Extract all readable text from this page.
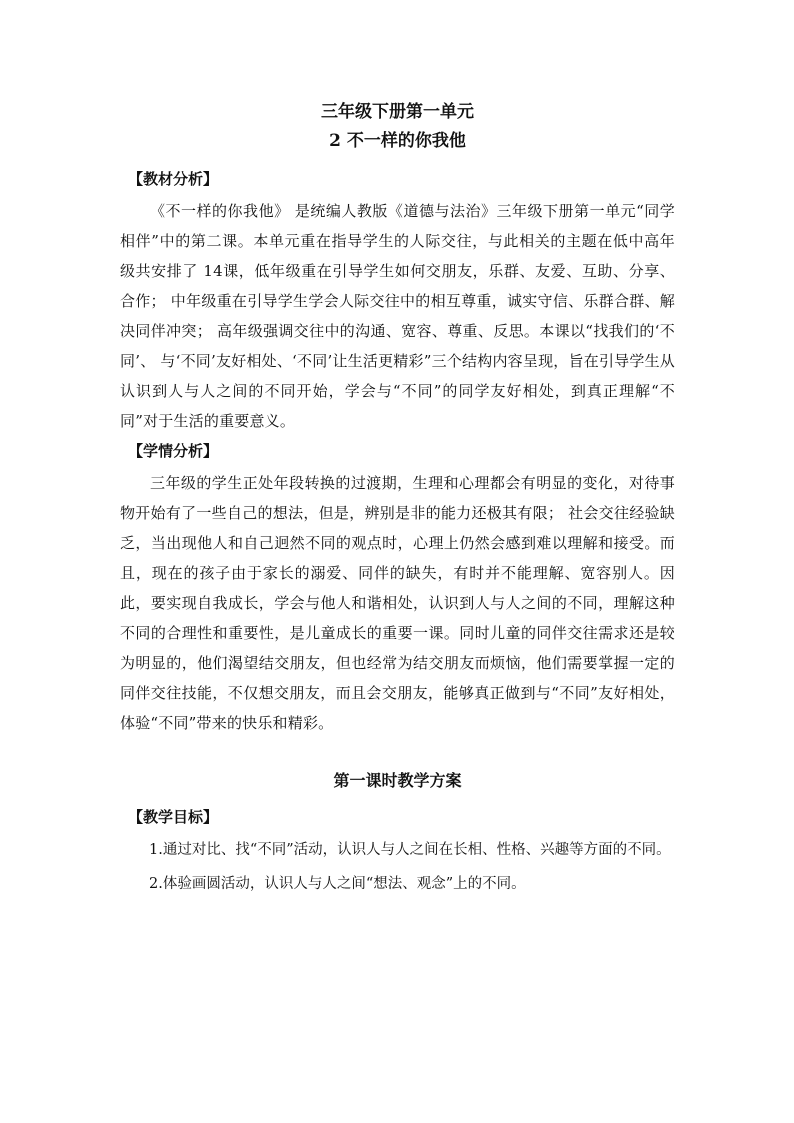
三年级下册第一单元
2 不一样的你我他
【教材分析】

《不一样的你我他》 是统编人教版《道德与法治》三年级下册第一单元“同学相伴”中的第二课。本单元重在指导学生的人际交往，与此相关的主题在低中高年级共安排了 14课，低年级重在引导学生如何交朋友，乐群、友爱、互助、分享、合作； 中年级重在引导学生学会人际交往中的相互尊重，诚实守信、乐群合群、解决同伴冲突； 高年级强调交往中的沟通、宽容、尊重、反思。本课以“找我们的‘不同’、 与‘不同’友好相处、‘不同’让生活更精彩”三个结构内容呈现，旨在引导学生从认识到人与人之间的不同开始，学会与“不同”的同学友好相处，到真正理解“不同”对于生活的重要意义。

【学情分析】

三年级的学生正处年段转换的过渡期，生理和心理都会有明显的变化，对待事物开始有了一些自己的想法，但是，辨别是非的能力还极其有限； 社会交往经验缺乏，当出现他人和自己迥然不同的观点时，心理上仍然会感到难以理解和接受。而且，现在的孩子由于家长的溺爱、同伴的缺失，有时并不能理解、宽容别人。因此，要实现自我成长，学会与他人和谐相处，认识到人与人之间的不同，理解这种不同的合理性和重要性，是儿童成长的重要一课。同时儿童的同伴交往需求还是较为明显的，他们渴望结交朋友，但也经常为结交朋友而烦恼，他们需要掌握一定的同伴交往技能，不仅想交朋友，而且会交朋友，能够真正做到与“不同”友好相处，体验“不同”带来的快乐和精彩。

第一课时教学方案
【教学目标】

1.通过对比、找“不同”活动，认识人与人之间在长相、性格、兴趣等方面的不同。

2.体验画圆活动，认识人与人之间“想法、观念”上的不同。
